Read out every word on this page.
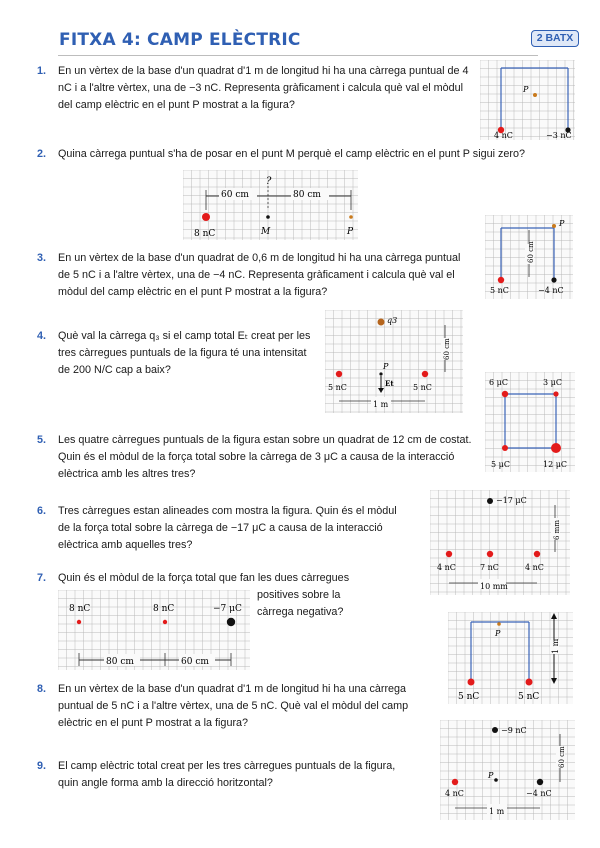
FITXA 4: CAMP ELÈCTRIC	2 BATX
1. En un vèrtex de la base d'un quadrat d'1 m de longitud hi ha una càrrega puntual de 4 nC i a l'altre vèrtex, una de −3 nC. Representa gràficament i calcula què val el mòdul del camp elèctric en el punt P mostrat a la figura?
2. Quina càrrega puntual s'ha de posar en el punt M perquè el camp elèctric en el punt P sigui zero?
3. En un vèrtex de la base d'un quadrat de 0,6 m de longitud hi ha una càrrega puntual de 5 nC i a l'altre vèrtex, una de −4 nC. Representa gràficament i calcula què val el mòdul del camp elèctric en el punt P mostrat a la figura?
4. Què val la càrrega q₃ si el camp total Eₜ creat per les tres càrregues puntuals de la figura té una intensitat de 200 N/C cap a baix?
5. Les quatre càrregues puntuals de la figura estan sobre un quadrat de 12 cm de costat. Quin és el mòdul de la força total sobre la càrrega de 3 μC a causa de la interacció elèctrica amb les altres tres?
6. Tres càrregues estan alineades com mostra la figura. Quin és el mòdul de la força total sobre la càrrega de −17 μC a causa de la interacció elèctrica amb aquelles tres?
7. Quin és el mòdul de la força total que fan les dues càrregues
positives sobre la càrrega negativa?
8. En un vèrtex de la base d'un quadrat d'1 m de longitud hi ha una càrrega puntual de 5 nC i a l'altre vèrtex, una de 5 nC. Què val el mòdul del camp elèctric en el punt P mostrat a la figura?
9. El camp elèctric total creat per les tres càrregues puntuals de la figura, quin angle forma amb la direcció horitzontal?
P
4 nC	−3 nC
?
60 cm	80 cm
8 nC	M	P
P
60 cm
5 nC	−4 nC
q3
60 cm
P
Et
5 nC	5 nC
1 m
6 μC	3 μC
5 μC	12 μC
−17 μC
6 mm
4 nC	7 nC	4 nC
10 mm
8 nC	8 nC	−7 μC
80 cm	60 cm
P
1 m
5 nC	5 nC
−9 nC
60 cm
P
4 nC	−4 nC
1 m
